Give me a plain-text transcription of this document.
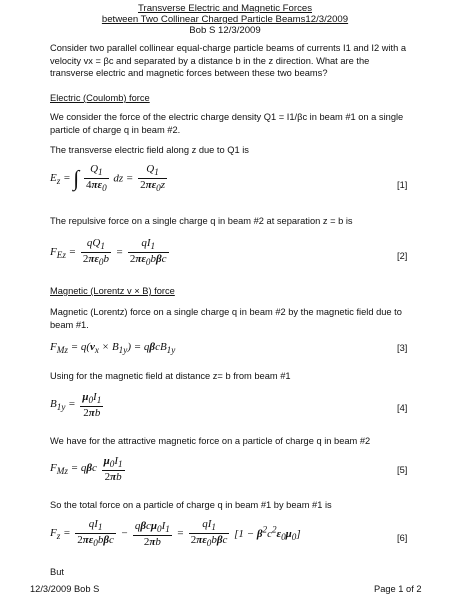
Transverse Electric and Magnetic Forces
between Two Collinear Charged Particle Beams12/3/2009
Bob S 12/3/2009
Consider two parallel collinear equal-charge particle beams of currents I1 and I2 with a velocity vx = βc and separated by a distance b in the z direction. What are the transverse electric and magnetic forces between these two beams?
Electric (Coulomb) force
We consider the force of the electric charge density Q1 = I1/βc in beam #1 on a single particle of charge q in beam #2.
The transverse electric field along z due to Q1 is
$E_z$ = ∫ $\frac{Q_1}{4\pi\varepsilon_0}$ dz = $\frac{Q_1}{2\pi\varepsilon_0z}$	[1]
The repulsive force on a single charge q in beam #2 at separation z = b is
$F_{Ez} = \frac{qQ_1}{2\pi\varepsilon_0b} = \frac{qI_1}{2\pi\varepsilon_0b\beta c}$	[2]
Magnetic (Lorentz v × B) force
Magnetic (Lorentz) force on a single charge q in beam #2 by the magnetic field due to beam #1.
$F_{Mz} = q(v_x \times B_{1y}) = q\beta cB_{1y}$	[3]
Using for the magnetic field at distance z= b from beam #1
$B_{1y} = \frac{\mu_0I_1}{2\pi b}$	[4]
We have for the attractive magnetic force on a particle of charge q in beam #2
$F_{Mz} = q\beta c \frac{\mu_0I_1}{2\pi b}$	[5]
So the total force on a particle of charge q in beam #1 by beam #1 is
$F_z = \frac{qI_1}{2\pi\varepsilon_0b\beta c} - \frac{q\beta c\mu_0I_1}{2\pi b} = \frac{qI_1}{2\pi\varepsilon_0b\beta c} [1 - \beta^2c^2\varepsilon_0\mu_0]$	[6]
But
12/3/2009 Bob S	Page 1 of 2
